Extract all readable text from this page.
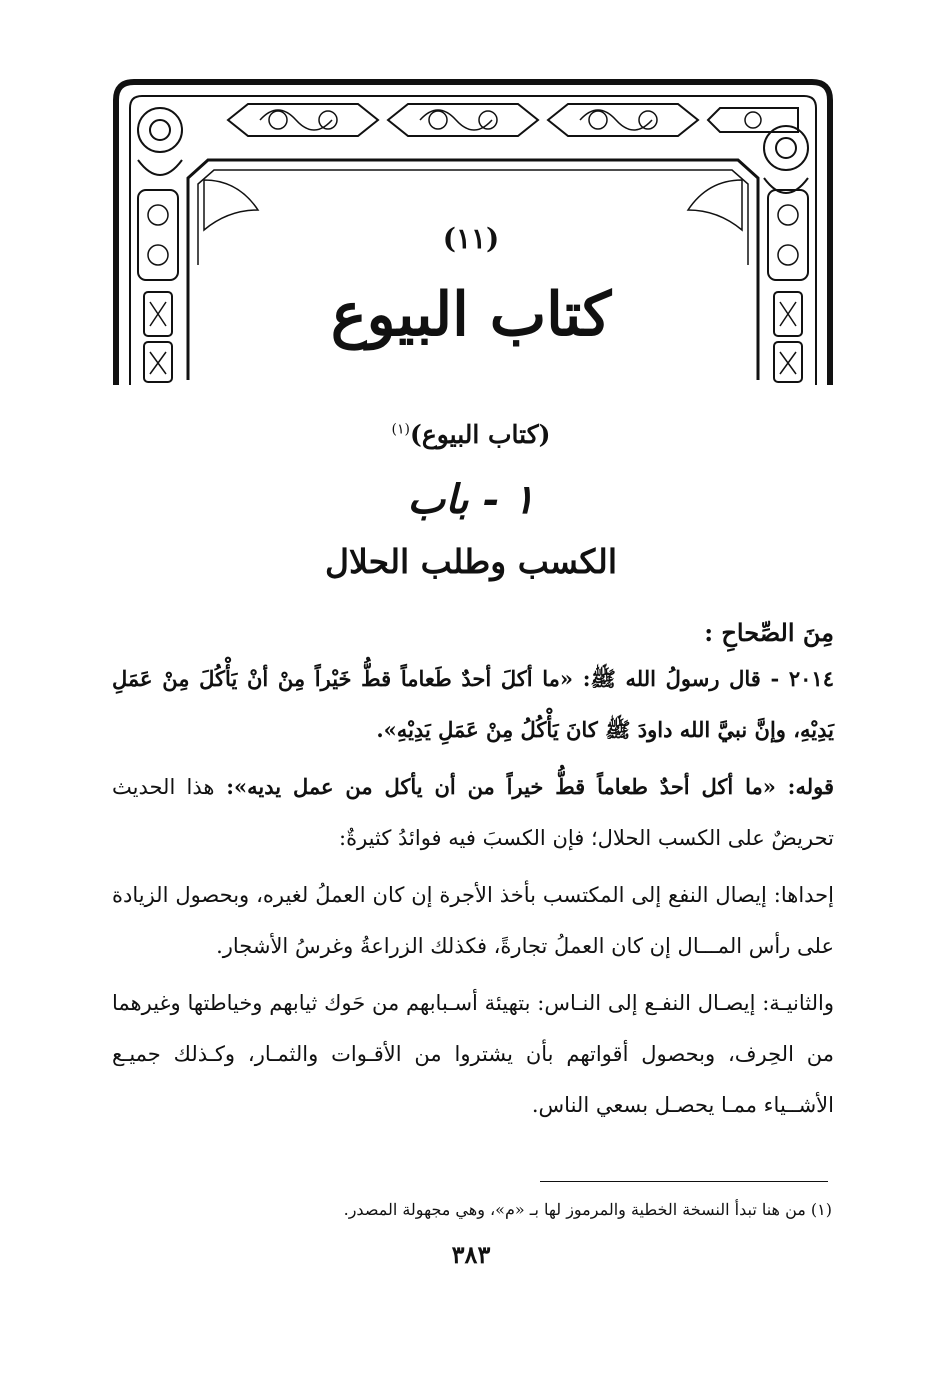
(١١)
كتاب البيوع
(كتاب البيوع)$^{(١)}$
١ - باب
الكسب وطلب الحلال
مِنَ الصِّحاحِ :

٢٠١٤ - قال رسولُ الله ﷺ: «ما أكلَ أحدٌ طَعاماً قطُّ خَيْراً مِنْ أنْ يَأْكُلَ مِنْ عَمَلِ يَدِيْهِ، وإنَّ نبيَّ الله داودَ ﷺ كانَ يَأْكُلُ مِنْ عَمَلِ يَدِيْهِ».

قوله: «ما أكل أحدٌ طعاماً قطُّ خيراً من أن يأكل من عمل يديه»: هذا الحديث تحريضٌ على الكسب الحلال؛ فإن الكسبَ فيه فوائدُ كثيرةٌ:

إحداها: إيصال النفع إلى المكتسب بأخذ الأجرة إن كان العملُ لغيره، وبحصول الزيادة على رأس المـــال إن كان العملُ تجارةً، فكذلك الزراعةُ وغرسُ الأشجار.

والثانيـة: إيصـال النفـع إلى النـاس: بتهيئة أسـبابهم من حَوك ثيابهم وخياطتها وغيرهما من الحِرف، وبحصول أقواتهم بأن يشتروا من الأقـوات والثمـار، وكـذلك جميـع الأشــياء ممـا يحصـل بسعي الناس.

(١) من هنا تبدأ النسخة الخطية والمرموز لها بـ «م»، وهي مجهولة المصدر.
٣٨٣
